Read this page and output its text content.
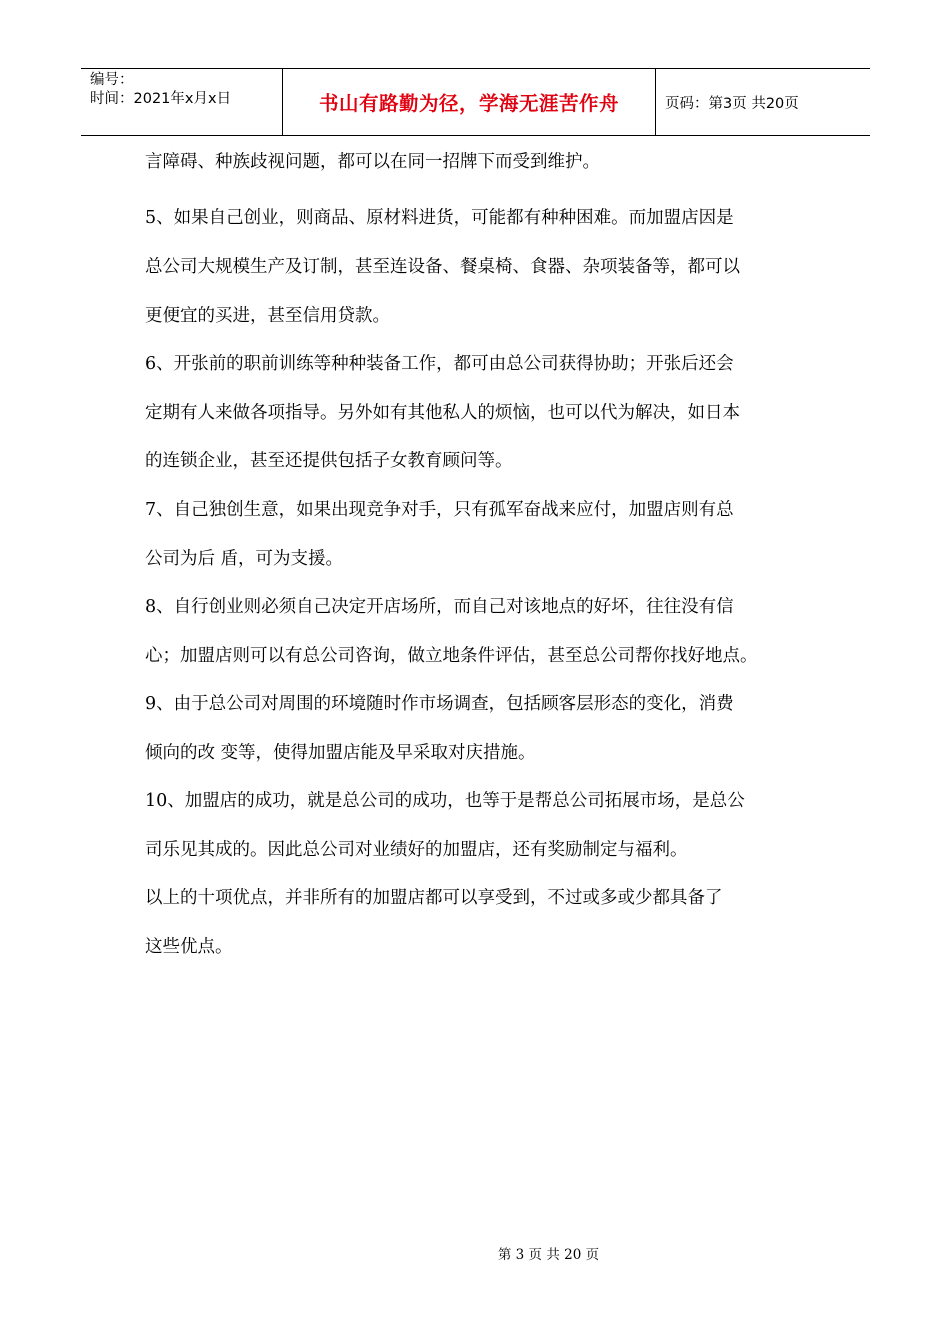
编号：
时间：2021年x月x日	书山有路勤为径，学海无涯苦作舟	页码：第3页 共20页
言障碍、种族歧视问题，都可以在同一招牌下而受到维护。
5、如果自己创业，则商品、原材料进货，可能都有种种困难。而加盟店因是
总公司大规模生产及订制，甚至连设备、餐桌椅、食器、杂项装备等，都可以
更便宜的买进，甚至信用贷款。
6、开张前的职前训练等种种装备工作，都可由总公司获得协助；开张后还会
定期有人来做各项指导。另外如有其他私人的烦恼，也可以代为解决，如日本
的连锁企业，甚至还提供包括子女教育顾问等。
7、自己独创生意，如果出现竞争对手，只有孤军奋战来应付，加盟店则有总
公司为后 盾，可为支援。
8、自行创业则必须自己决定开店场所，而自己对该地点的好坏，往往没有信
心；加盟店则可以有总公司咨询，做立地条件评估，甚至总公司帮你找好地点。
9、由于总公司对周围的环境随时作市场调查，包括顾客层形态的变化，消费
倾向的改 变等，使得加盟店能及早采取对庆措施。
10、加盟店的成功，就是总公司的成功，也等于是帮总公司拓展市场，是总公
司乐见其成的。因此总公司对业绩好的加盟店，还有奖励制定与福利。
以上的十项优点，并非所有的加盟店都可以享受到，不过或多或少都具备了
这些优点。
第 3 页 共 20 页
